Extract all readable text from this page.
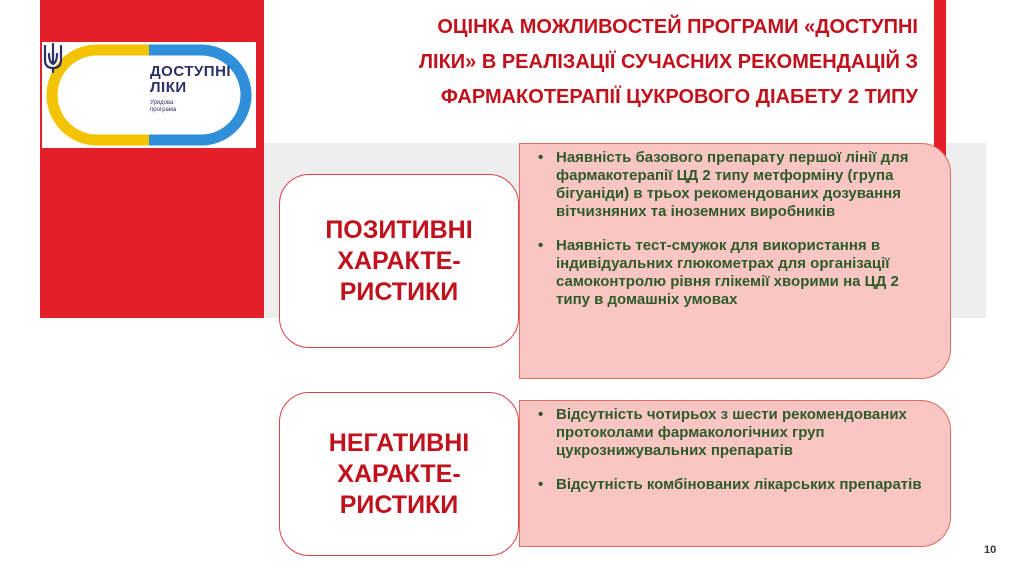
ДОСТУПНІ
ЛІКИ
Урядова
програма
ОЦІНКА МОЖЛИВОСТЕЙ ПРОГРАМИ «ДОСТУПНІ
ЛІКИ» В РЕАЛІЗАЦІЇ СУЧАСНИХ РЕКОМЕНДАЦІЙ З
ФАРМАКОТЕРАПІЇ ЦУКРОВОГО ДІАБЕТУ 2 ТИПУ
ПОЗИТИВНІ
ХАРАКТЕ-
РИСТИКИ
• Наявність базового препарату першої лінії для фармакотерапії ЦД 2 типу метформіну (група бігуаніди) в трьох рекомендованих дозування вітчизняних та іноземних виробників
• Наявність тест-смужок для використання в індивідуальних глюкометрах для організації самоконтролю рівня глікемії хворими на ЦД 2 типу в домашніх умовах
НЕГАТИВНІ
ХАРАКТЕ-
РИСТИКИ
• Відсутність чотирьох з шести рекомендованих протоколами фармакологічних груп цукрознижувальних препаратів
• Відсутність комбінованих лікарських препаратів
10
